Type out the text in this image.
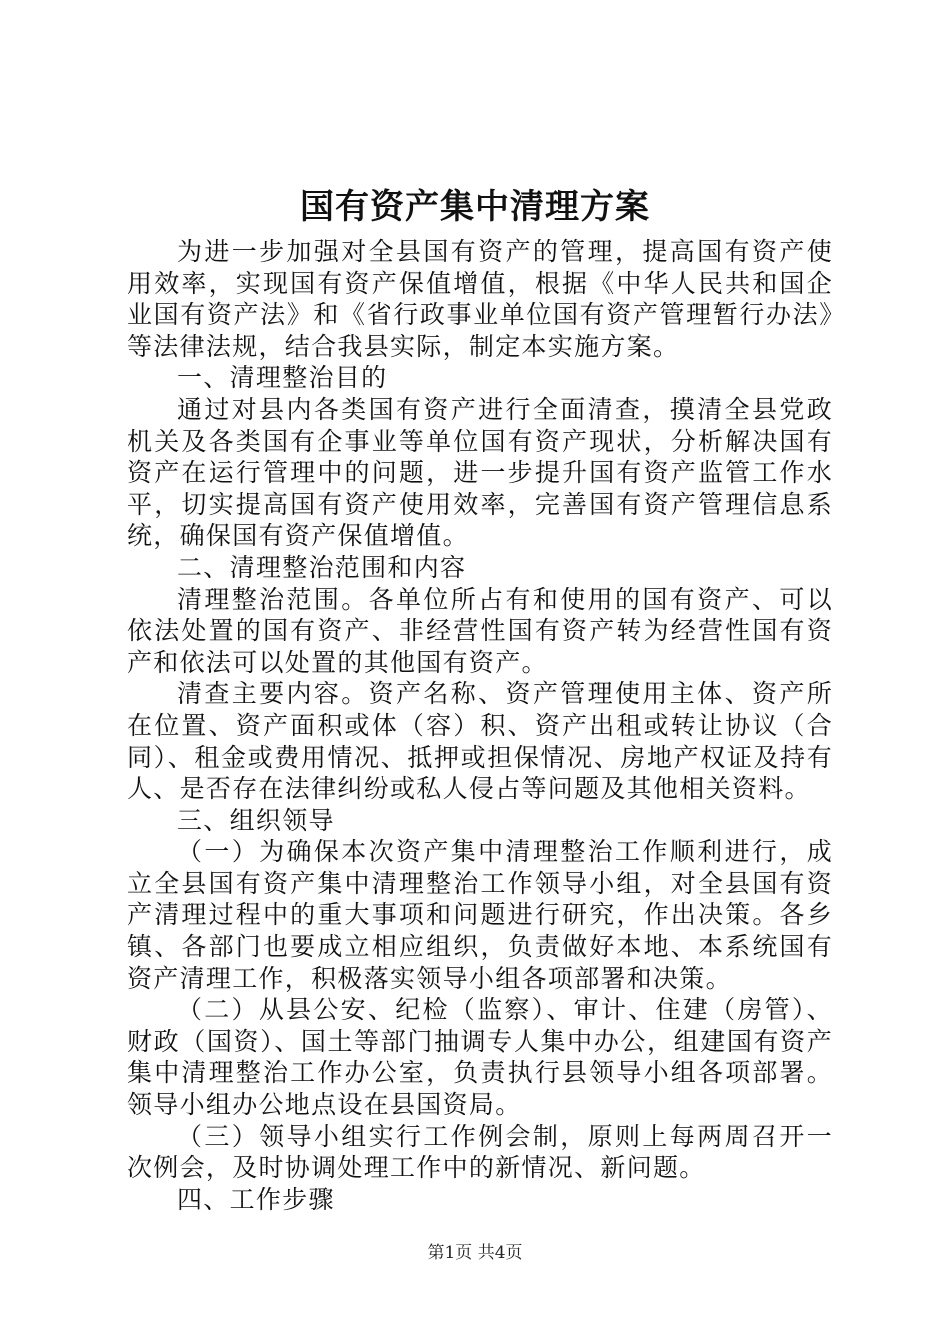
国有资产集中清理方案

为进一步加强对全县国有资产的管理，提高国有资产使用效率，实现国有资产保值增值，根据《中华人民共和国企业国有资产法》和《省行政事业单位国有资产管理暂行办法》等法律法规，结合我县实际，制定本实施方案。

一、清理整治目的

通过对县内各类国有资产进行全面清查，摸清全县党政机关及各类国有企事业等单位国有资产现状，分析解决国有资产在运行管理中的问题，进一步提升国有资产监管工作水平，切实提高国有资产使用效率，完善国有资产管理信息系统，确保国有资产保值增值。

二、清理整治范围和内容

清理整治范围。各单位所占有和使用的国有资产、可以依法处置的国有资产、非经营性国有资产转为经营性国有资产和依法可以处置的其他国有资产。

清查主要内容。资产名称、资产管理使用主体、资产所在位置、资产面积或体（容）积、资产出租或转让协议（合同）、租金或费用情况、抵押或担保情况、房地产权证及持有人、是否存在法律纠纷或私人侵占等问题及其他相关资料。

三、组织领导

（一）为确保本次资产集中清理整治工作顺利进行，成立全县国有资产集中清理整治工作领导小组，对全县国有资产清理过程中的重大事项和问题进行研究，作出决策。各乡镇、各部门也要成立相应组织，负责做好本地、本系统国有资产清理工作，积极落实领导小组各项部署和决策。

（二）从县公安、纪检（监察）、审计、住建（房管）、财政（国资）、国土等部门抽调专人集中办公，组建国有资产集中清理整治工作办公室，负责执行县领导小组各项部署。领导小组办公地点设在县国资局。

（三）领导小组实行工作例会制，原则上每两周召开一次例会，及时协调处理工作中的新情况、新问题。

四、工作步骤

第1页 共4页
